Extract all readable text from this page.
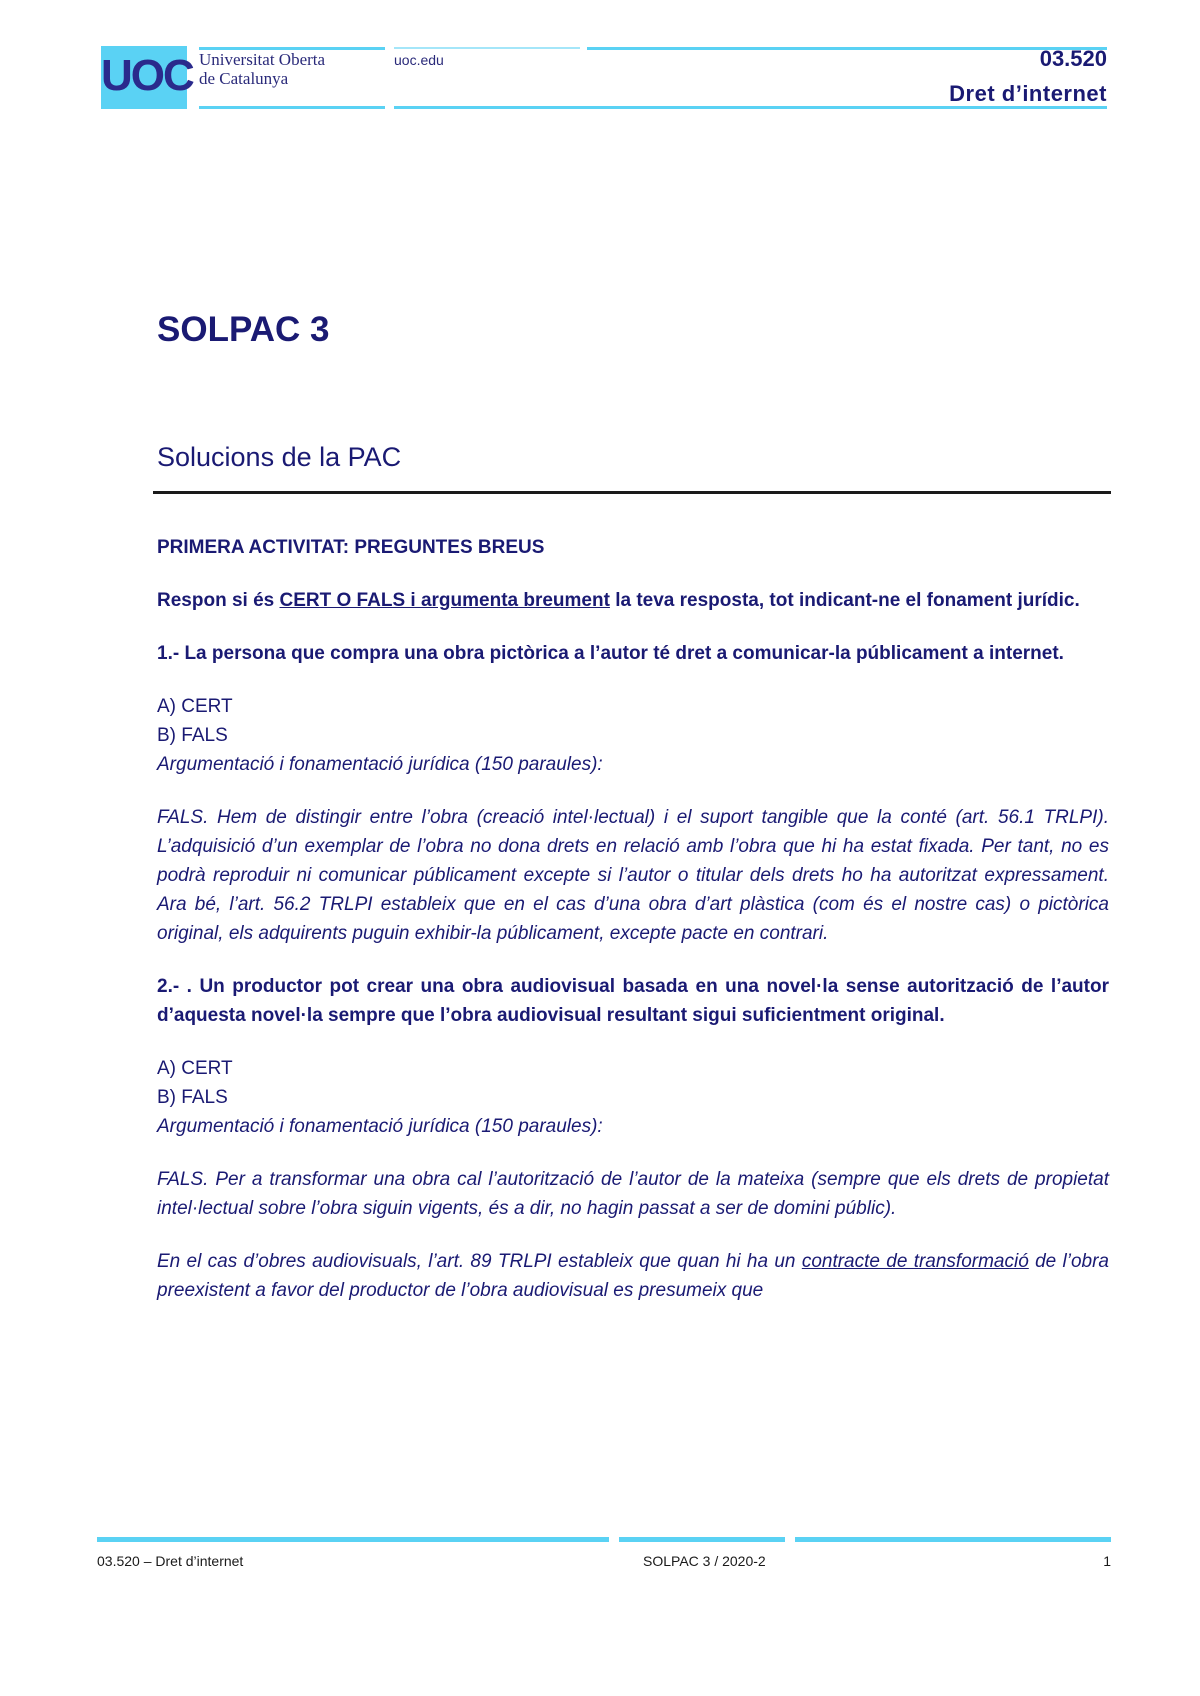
UOC Universitat Oberta
de Catalunya
uoc.edu	03.520
Dret d’internet
SOLPAC 3
Solucions de la PAC

PRIMERA ACTIVITAT: PREGUNTES BREUS

Respon si és CERT O FALS i argumenta breument la teva resposta, tot indicant-ne el fonament jurídic.

1.- La persona que compra una obra pictòrica a l’autor té dret a comunicar-la públicament a internet.

A) CERT

B) FALS

Argumentació i fonamentació jurídica (150 paraules):

FALS. Hem de distingir entre l’obra (creació intel·lectual) i el suport tangible que la conté (art. 56.1 TRLPI). L’adquisició d’un exemplar de l’obra no dona drets en relació amb l’obra que hi ha estat fixada. Per tant, no es podrà reproduir ni comunicar públicament excepte si l’autor o titular dels drets ho ha autoritzat expressament. Ara bé, l’art. 56.2 TRLPI estableix que en el cas d’una obra d’art plàstica (com és el nostre cas) o pictòrica original, els adquirents puguin exhibir-la públicament, excepte pacte en contrari.

2.- . Un productor pot crear una obra audiovisual basada en una novel·la sense autorització de l’autor d’aquesta novel·la sempre que l’obra audiovisual resultant sigui suficientment original.

A) CERT

B) FALS

Argumentació i fonamentació jurídica (150 paraules):

FALS. Per a transformar una obra cal l’autorització de l’autor de la mateixa (sempre que els drets de propietat intel·lectual sobre l’obra siguin vigents, és a dir, no hagin passat a ser de domini públic).

En el cas d’obres audiovisuals, l’art. 89 TRLPI estableix que quan hi ha un contracte de transformació de l’obra preexistent a favor del productor de l’obra audiovisual es presumeix que

03.520 – Dret d’internet	SOLPAC 3 / 2020-2	1
